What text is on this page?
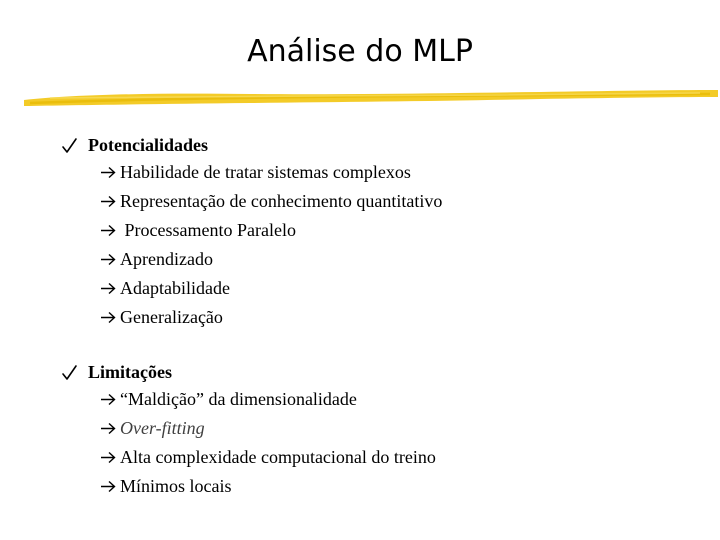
Análise do MLP
Potencialidades
Habilidade de tratar sistemas complexos
Representação de conhecimento quantitativo
Processamento Paralelo
Aprendizado
Adaptabilidade
Generalização
Limitações
“Maldição” da dimensionalidade
Over-fitting
Alta complexidade computacional do treino
Mínimos locais
